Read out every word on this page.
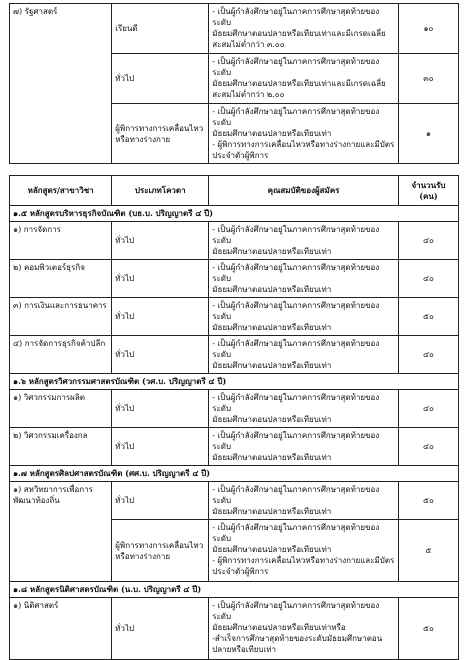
๗) รัฐศาสตร์	เรียนดี	- เป็นผู้กำลังศึกษาอยู่ในภาคการศึกษาสุดท้ายของระดับ
มัธยมศึกษาตอนปลายหรือเทียบเท่าและมีเกรดเฉลี่ย
สะสมไม่ต่ำกว่า ๓.๐๐	๑๐
	ทั่วไป	- เป็นผู้กำลังศึกษาอยู่ในภาคการศึกษาสุดท้ายของระดับ
มัธยมศึกษาตอนปลายหรือเทียบเท่าและมีเกรดเฉลี่ย
สะสมไม่ต่ำกว่า ๒.๐๐	๓๐
	ผู้พิการทางการเคลื่อนไหวหรือทางร่างกาย	- เป็นผู้กำลังศึกษาอยู่ในภาคการศึกษาสุดท้ายของระดับ
มัธยมศึกษาตอนปลายหรือเทียบเท่า
- ผู้พิการทางการเคลื่อนไหวหรือทางร่างกายและมีบัตร
ประจำตัวผู้พิการ	๑
หลักสูตร/สาขาวิชา	ประเภทโควตา	คุณสมบัติของผู้สมัคร	จำนวนรับ (คน)
๑.๕ หลักสูตรบริหารธุรกิจบัณฑิต (บธ.บ. ปริญญาตรี ๔ ปี)			
๑) การจัดการ	ทั่วไป	- เป็นผู้กำลังศึกษาอยู่ในภาคการศึกษาสุดท้ายของระดับ
มัธยมศึกษาตอนปลายหรือเทียบเท่า	๔๐
๒) คอมพิวเตอร์ธุรกิจ	ทั่วไป	- เป็นผู้กำลังศึกษาอยู่ในภาคการศึกษาสุดท้ายของระดับ
มัธยมศึกษาตอนปลายหรือเทียบเท่า	๔๐
๓) การเงินและการธนาคาร	ทั่วไป	- เป็นผู้กำลังศึกษาอยู่ในภาคการศึกษาสุดท้ายของระดับ
มัธยมศึกษาตอนปลายหรือเทียบเท่า	๕๐
๔) การจัดการธุรกิจค้าปลีก	ทั่วไป	- เป็นผู้กำลังศึกษาอยู่ในภาคการศึกษาสุดท้ายของระดับ
มัธยมศึกษาตอนปลายหรือเทียบเท่า	๔๐
๑.๖ หลักสูตรวิศวกรรมศาสตรบัณฑิต (วศ.บ. ปริญญาตรี ๔ ปี)			
๑) วิศวกรรมการผลิต	ทั่วไป	- เป็นผู้กำลังศึกษาอยู่ในภาคการศึกษาสุดท้ายของระดับ
มัธยมศึกษาตอนปลายหรือเทียบเท่า	๔๐
๒) วิศวกรรมเครื่องกล	ทั่วไป	- เป็นผู้กำลังศึกษาอยู่ในภาคการศึกษาสุดท้ายของระดับ
มัธยมศึกษาตอนปลายหรือเทียบเท่า	๔๐
๑.๗ หลักสูตรศิลปศาสตรบัณฑิต (ศศ.บ. ปริญญาตรี ๔ ปี)			
๑) สหวิทยาการเพื่อการพัฒนาท้องถิ่น	ทั่วไป	- เป็นผู้กำลังศึกษาอยู่ในภาคการศึกษาสุดท้ายของระดับ
มัธยมศึกษาตอนปลายหรือเทียบเท่า	๕๐
	ผู้พิการทางการเคลื่อนไหวหรือทางร่างกาย	- เป็นผู้กำลังศึกษาอยู่ในภาคการศึกษาสุดท้ายของระดับ
มัธยมศึกษาตอนปลายหรือเทียบเท่า
- ผู้พิการทางการเคลื่อนไหวหรือทางร่างกายและมีบัตร
ประจำตัวผู้พิการ	๕
๑.๘ หลักสูตรนิติศาสตรบัณฑิต (น.บ. ปริญญาตรี ๔ ปี)			
๑) นิติศาสตร์	ทั่วไป	- เป็นผู้กำลังศึกษาอยู่ในภาคการศึกษาสุดท้ายของระดับ
มัธยมศึกษาตอนปลายหรือเทียบเท่าหรือ
-สำเร็จการศึกษาสุดท้ายของระดับมัธยมศึกษาตอน
ปลายหรือเทียบเท่า	๕๐
